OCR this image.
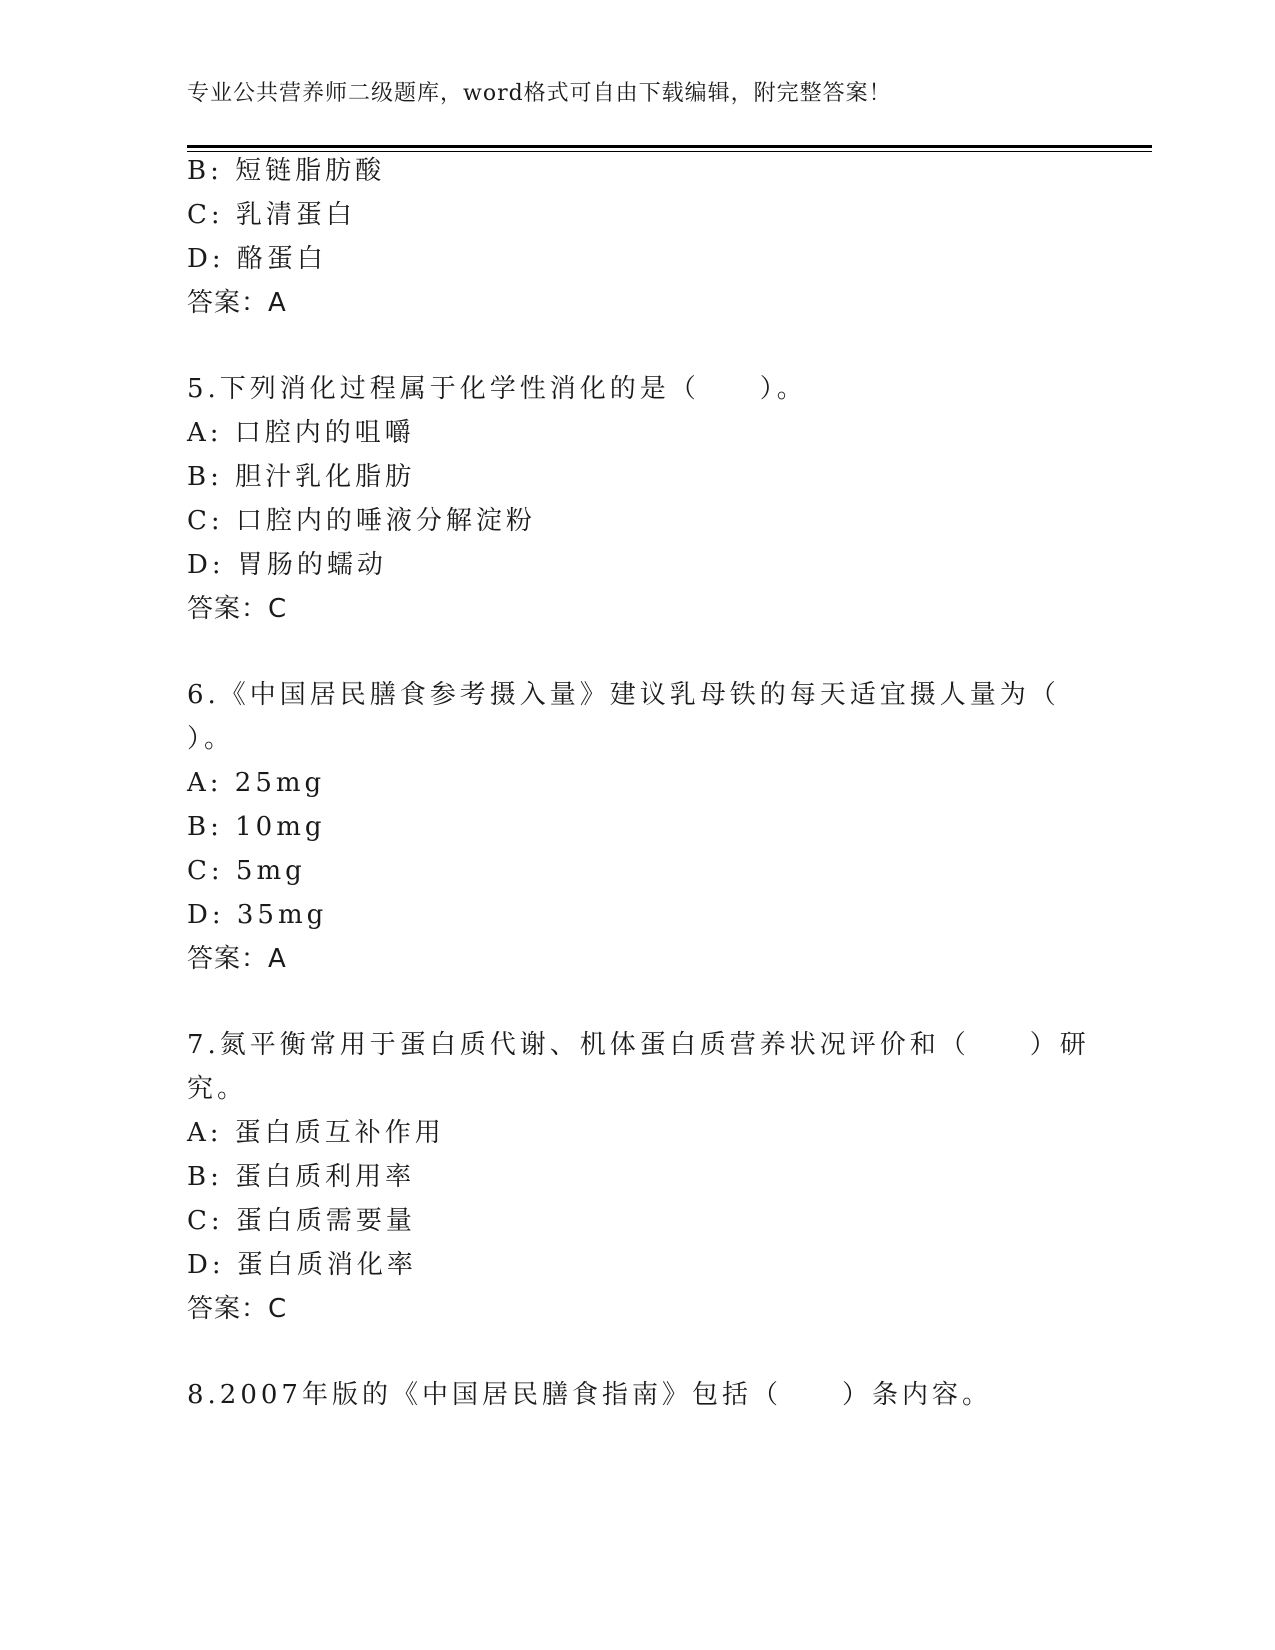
专业公共营养师二级题库，word格式可自由下载编辑，附完整答案！
B: 短链脂肪酸
C: 乳清蛋白
D: 酪蛋白
答案：A
5.下列消化过程属于化学性消化的是（　　）。
A: 口腔内的咀嚼
B: 胆汁乳化脂肪
C: 口腔内的唾液分解淀粉
D: 胃肠的蠕动
答案：C
6.《中国居民膳食参考摄入量》建议乳母铁的每天适宜摄人量为（
）。
A: 25mg
B: 10mg
C: 5mg
D: 35mg
答案：A
7.氮平衡常用于蛋白质代谢、机体蛋白质营养状况评价和（　　）研
究。
A: 蛋白质互补作用
B: 蛋白质利用率
C: 蛋白质需要量
D: 蛋白质消化率
答案：C
8.2007年版的《中国居民膳食指南》包括（　　）条内容。
